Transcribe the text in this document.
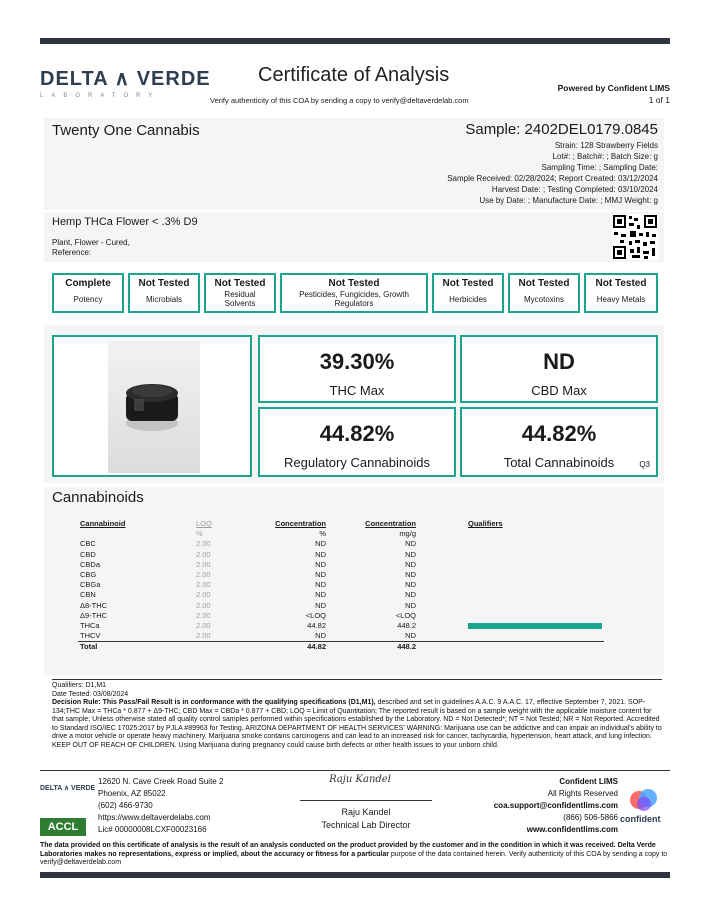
DELTA ∧ VERDE
LABORATORY
Certificate of Analysis
Verify authenticity of this COA by sending a copy to verify@deltaverdelab.com
Powered by Confident LIMS
1 of 1
Twenty One Cannabis	Sample: 2402DEL0179.0845
Strain: 128 Strawberry Fields
Lot#: ; Batch#: ; Batch Size: g
Sampling Time: ; Sampling Date:
Sample Received: 02/28/2024; Report Created: 03/12/2024
Harvest Date: ; Testing Completed: 03/10/2024
Use by Date: ; Manufacture Date: ; MMJ Weight: g
Hemp THCa Flower < .3% D9
Plant, Flower - Cured,
Reference:
Complete
Potency
Not Tested
Microbials
Not Tested
Residual Solvents
Not Tested
Pesticides, Fungicides, Growth Regulators
Not Tested
Herbicides
Not Tested
Mycotoxins
Not Tested
Heavy Metals
39.30%
THC Max
ND
CBD Max
44.82%
Regulatory Cannabinoids
44.82%
Total Cannabinoids	Q3
Cannabinoids
Cannabinoid	LOQ	Concentration	Concentration	Qualifiers
	%	%	mg/g	
CBC	2.00	ND	ND	
CBD	2.00	ND	ND	
CBDa	2.00	ND	ND	
CBG	2.00	ND	ND	
CBGa	2.00	ND	ND	
CBN	2.00	ND	ND	
Δ8-THC	2.00	ND	ND	
Δ9-THC	2.00	<LOQ	<LOQ	
THCa	2.00	44.82	448.2	

THCV	2.00	ND	ND	
Total		44.82	448.2	
Qualifiers: D1,M1
Date Tested: 03/08/2024
Decision Rule: This Pass/Fail Result is in conformance with the qualifying specifications (D1,M1), described and set in guidelines A.A.C. 9 A.A.C. 17, effective September 7, 2021. SOP-134;THC Max = THCa * 0.877 + Δ9-THC; CBD Max = CBDa * 0.877 + CBD; LOQ = Limit of Quantitation; The reported result is based on a sample weight with the applicable moisture content for that sample; Unless otherwise stated all quality control samples performed within specifications established by the Laboratory. ND = Not Detected*; NT = Not Tested; NR = Not Reported. Accredited to Standard ISO/IEC 17025:2017 by PJLA #89963 for Testing. ARIZONA DEPARTMENT OF HEALTH SERVICES' WARNING: Marijuana use can be addictive and can impair an individual's ability to drive a motor vehicle or operate heavy machinery. Marijuana smoke contains carcinogens and can lead to an increased risk for cancer, tachycardia, hypertension, heart attack, and lung infection. KEEP OUT OF REACH OF CHILDREN. Using Marijuana during pregnancy could cause birth defects or other health issues to your unborn child.
DELTA ∧ VERDE
ACCL
12620 N. Cave Creek Road Suite 2
Phoenix, AZ 85022
(602) 466-9730
https://www.deltaverdelabs.com
Lic# 00000008LCXF00023166
Raju Kandel
Raju Kandel
Technical Lab Director
Confident LIMS
All Rights Reserved
coa.support@confidentlims.com
(866) 506-5866
www.confidentlims.com
confident
The data provided on this certificate of analysis is the result of an analysis conducted on the product provided by the customer and in the condition in which it was received. Delta Verde Laboratories makes no representations, express or implied, about the accuracy or fitness for a particular purpose of the data contained herein. Verify authenticity of this COA by sending a copy to verify@deltaverdelab.com
